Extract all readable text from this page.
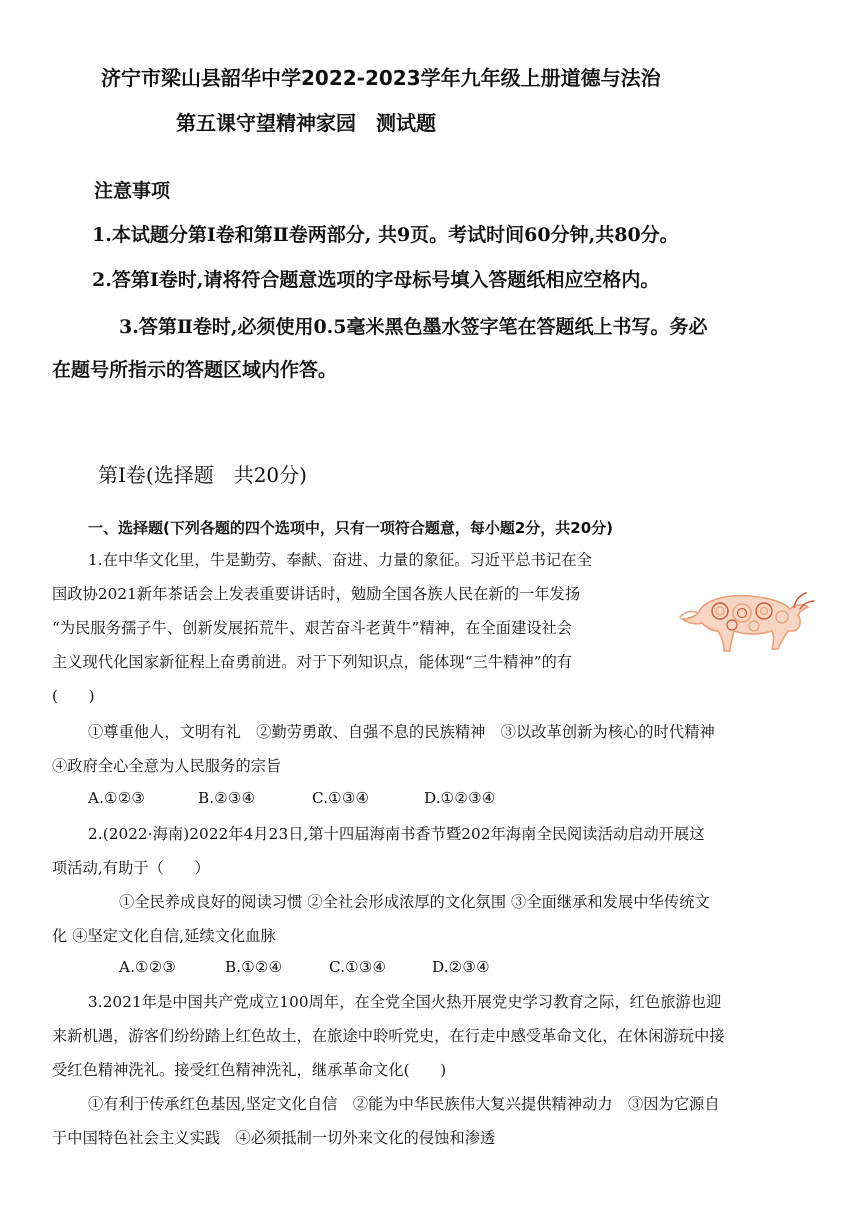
济宁市梁山县韶华中学2022-2023学年九年级上册道德与法治
第五课守望精神家园　测试题
注意事项
1.本试题分第Ⅰ卷和第Ⅱ卷两部分, 共9页。考试时间60分钟,共80分。
2.答第Ⅰ卷时,请将符合题意选项的字母标号填入答题纸相应空格内。
3.答第Ⅱ卷时,必须使用0.5毫米黑色墨水签字笔在答题纸上书写。务必
在题号所指示的答题区域内作答。
第Ⅰ卷(选择题　共20分)
一、选择题(下列各题的四个选项中，只有一项符合题意，每小题2分，共20分)
1.在中华文化里，牛是勤劳、奉献、奋进、力量的象征。习近平总书记在全
国政协2021新年茶话会上发表重要讲话时，勉励全国各族人民在新的一年发扬
“为民服务孺子牛、创新发展拓荒牛、艰苦奋斗老黄牛”精神，在全面建设社会
主义现代化国家新征程上奋勇前进。对于下列知识点，能体现“三牛精神”的有
(　　)
①尊重他人，文明有礼　②勤劳勇敢、自强不息的民族精神　③以改革创新为核心的时代精神
④政府全心全意为人民服务的宗旨
A.①②③	B.②③④	C.①③④	D.①②③④
2.(2022·海南)2022年4月23日,第十四届海南书香节暨202年海南全民阅读活动启动开展这
项活动,有助于（　　）
①全民养成良好的阅读习惯 ②全社会形成浓厚的文化氛围 ③全面继承和发展中华传统文
化 ④坚定文化自信,延续文化血脉
A.①②③	B.①②④	C.①③④	D.②③④
3.2021年是中国共产党成立100周年，在全党全国火热开展党史学习教育之际，红色旅游也迎
来新机遇，游客们纷纷踏上红色故土，在旅途中聆听党史，在行走中感受革命文化，在休闲游玩中接
受红色精神洗礼。接受红色精神洗礼，继承革命文化(　　)
①有利于传承红色基因,坚定文化自信　②能为中华民族伟大复兴提供精神动力　③因为它源自
于中国特色社会主义实践　④必须抵制一切外来文化的侵蚀和渗透
